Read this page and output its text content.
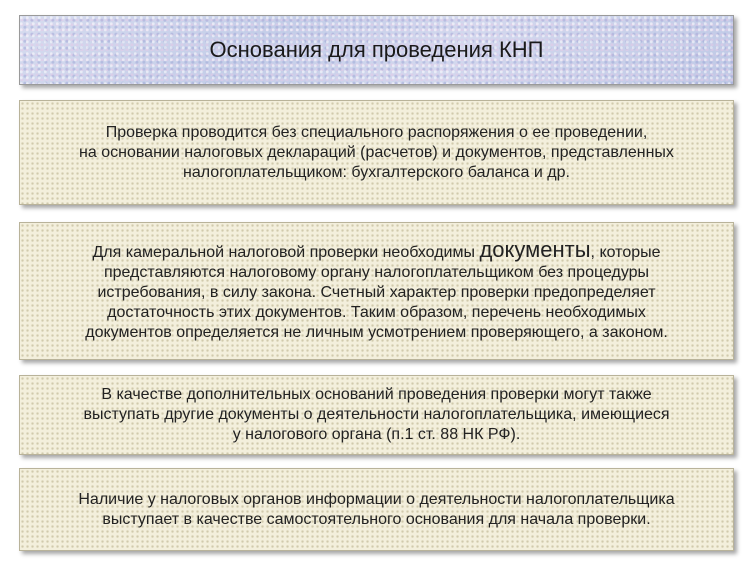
Основания для проведения КНП

Проверка проводится без специального распоряжения о ее проведении,
на основании налоговых деклараций (расчетов) и документов, представленных
налогоплательщиком: бухгалтерского баланса и др.

Для камеральной налоговой проверки необходимы документы, которые
представляются налоговому органу налогоплательщиком без процедуры
истребования, в силу закона. Счетный характер проверки предопределяет
достаточность этих документов. Таким образом, перечень необходимых
документов определяется не личным усмотрением проверяющего, а законом.

В качестве дополнительных оснований проведения проверки могут также
выступать другие документы о деятельности налогоплательщика, имеющиеся
у налогового органа (п.1 ст. 88 НК РФ).

Наличие у налоговых органов информации о деятельности налогоплательщика
выступает в качестве самостоятельного основания для начала проверки.
